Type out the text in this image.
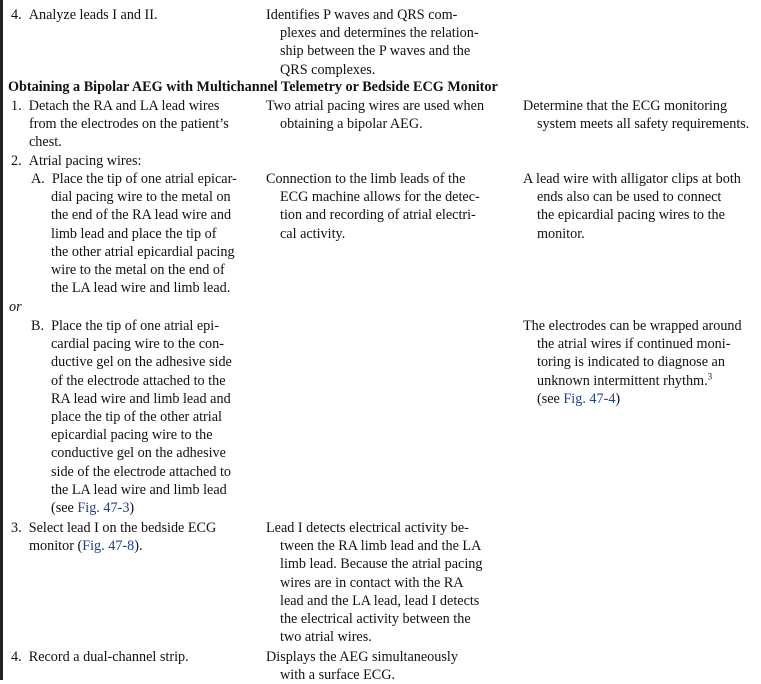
4. Analyze leads I and II.	Identifies P waves and QRS com-
plexes and determines the relation-
ship between the P waves and the
QRS complexes.
Obtaining a Bipolar AEG with Multichannel Telemetry or Bedside ECG Monitor
1. Detach the RA and LA lead wires
from the electrodes on the patient’s
chest.
Two atrial pacing wires are used when
obtaining a bipolar AEG.
Determine that the ECG monitoring
system meets all safety requirements.
2. Atrial pacing wires:
A. Place the tip of one atrial epicar-
dial pacing wire to the metal on
the end of the RA lead wire and
limb lead and place the tip of
the other atrial epicardial pacing
wire to the metal on the end of
the LA lead wire and limb lead.
Connection to the limb leads of the
ECG machine allows for the detec-
tion and recording of atrial electri-
cal activity.
A lead wire with alligator clips at both
ends also can be used to connect
the epicardial pacing wires to the
monitor.
or
B. Place the tip of one atrial epi-
cardial pacing wire to the con-
ductive gel on the adhesive side
of the electrode attached to the
RA lead wire and limb lead and
place the tip of the other atrial
epicardial pacing wire to the
conductive gel on the adhesive
side of the electrode attached to
the LA lead wire and limb lead
(see Fig. 47-3)
The electrodes can be wrapped around
the atrial wires if continued moni-
toring is indicated to diagnose an
unknown intermittent rhythm.$^3$
(see Fig. 47-4)
3. Select lead I on the bedside ECG
monitor (Fig. 47-8).
Lead I detects electrical activity be-
tween the RA limb lead and the LA
limb lead. Because the atrial pacing
wires are in contact with the RA
lead and the LA lead, lead I detects
the electrical activity between the
two atrial wires.
4. Record a dual-channel strip.	Displays the AEG simultaneously
with a surface ECG.
